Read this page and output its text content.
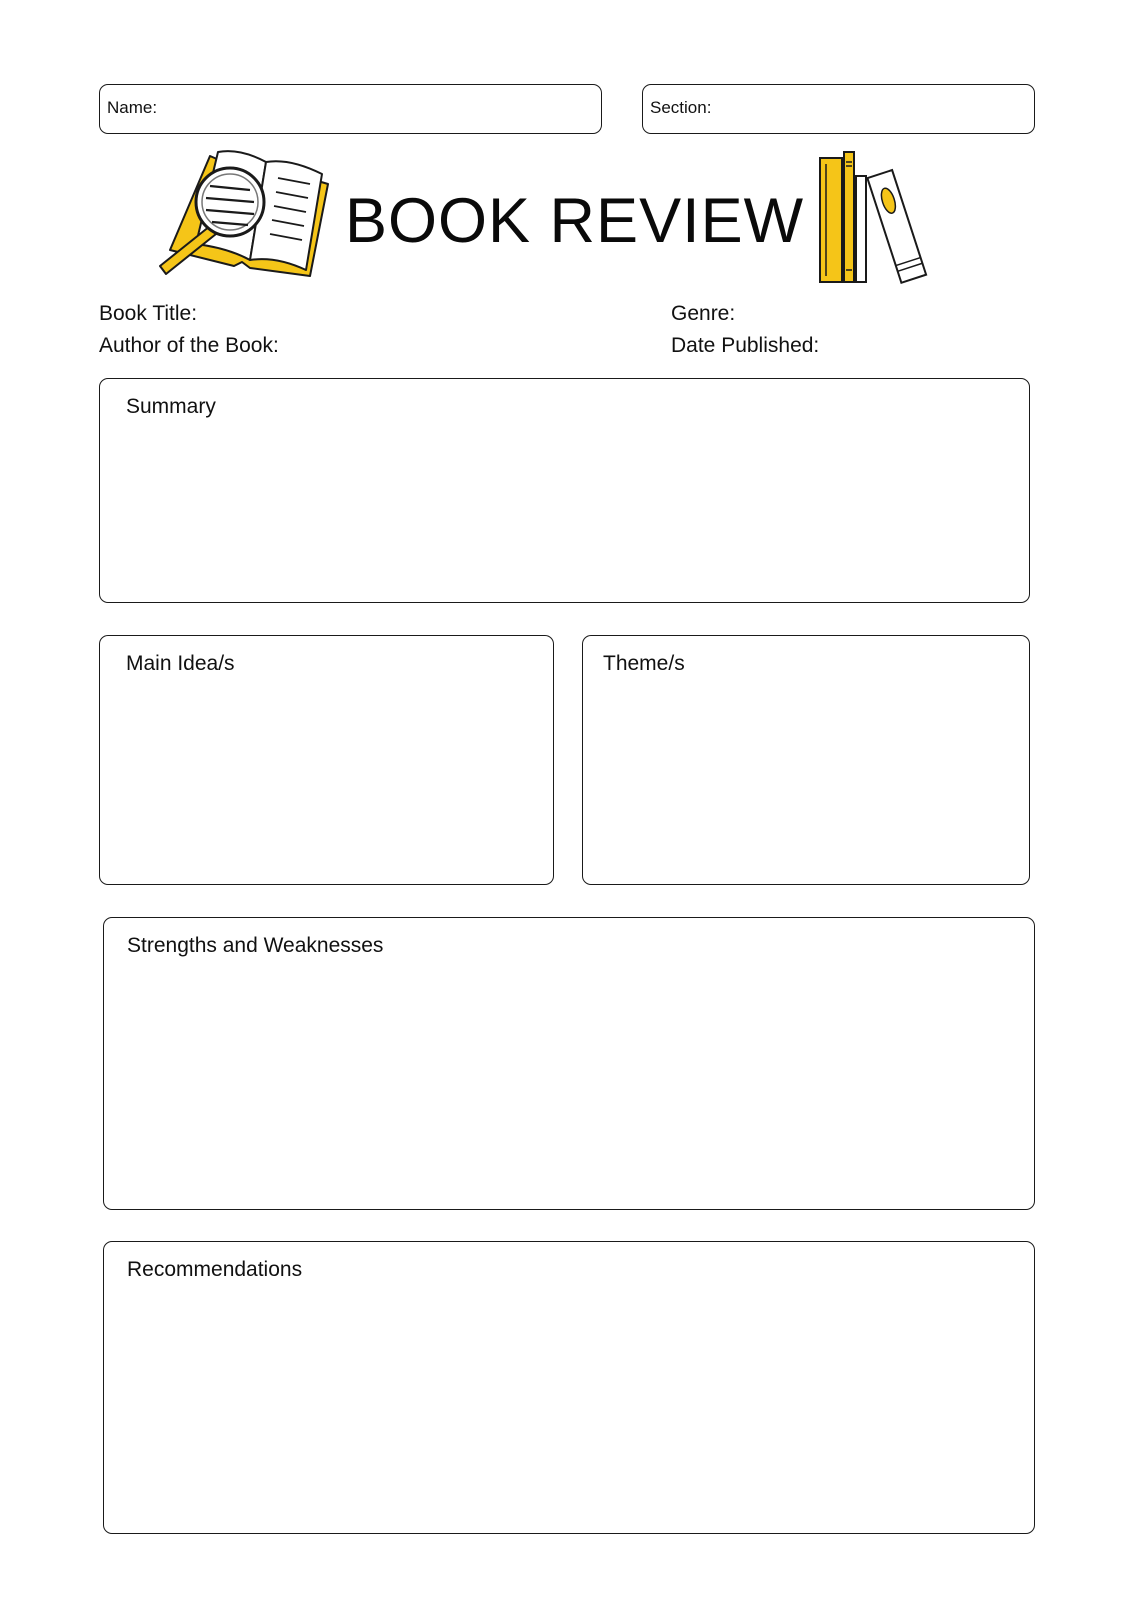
Name:	Section:
BOOK REVIEW
Book Title:
Author of the Book:
Genre:
Date Published:
Summary
Main Idea/s	Theme/s
Strengths and Weaknesses
Recommendations
